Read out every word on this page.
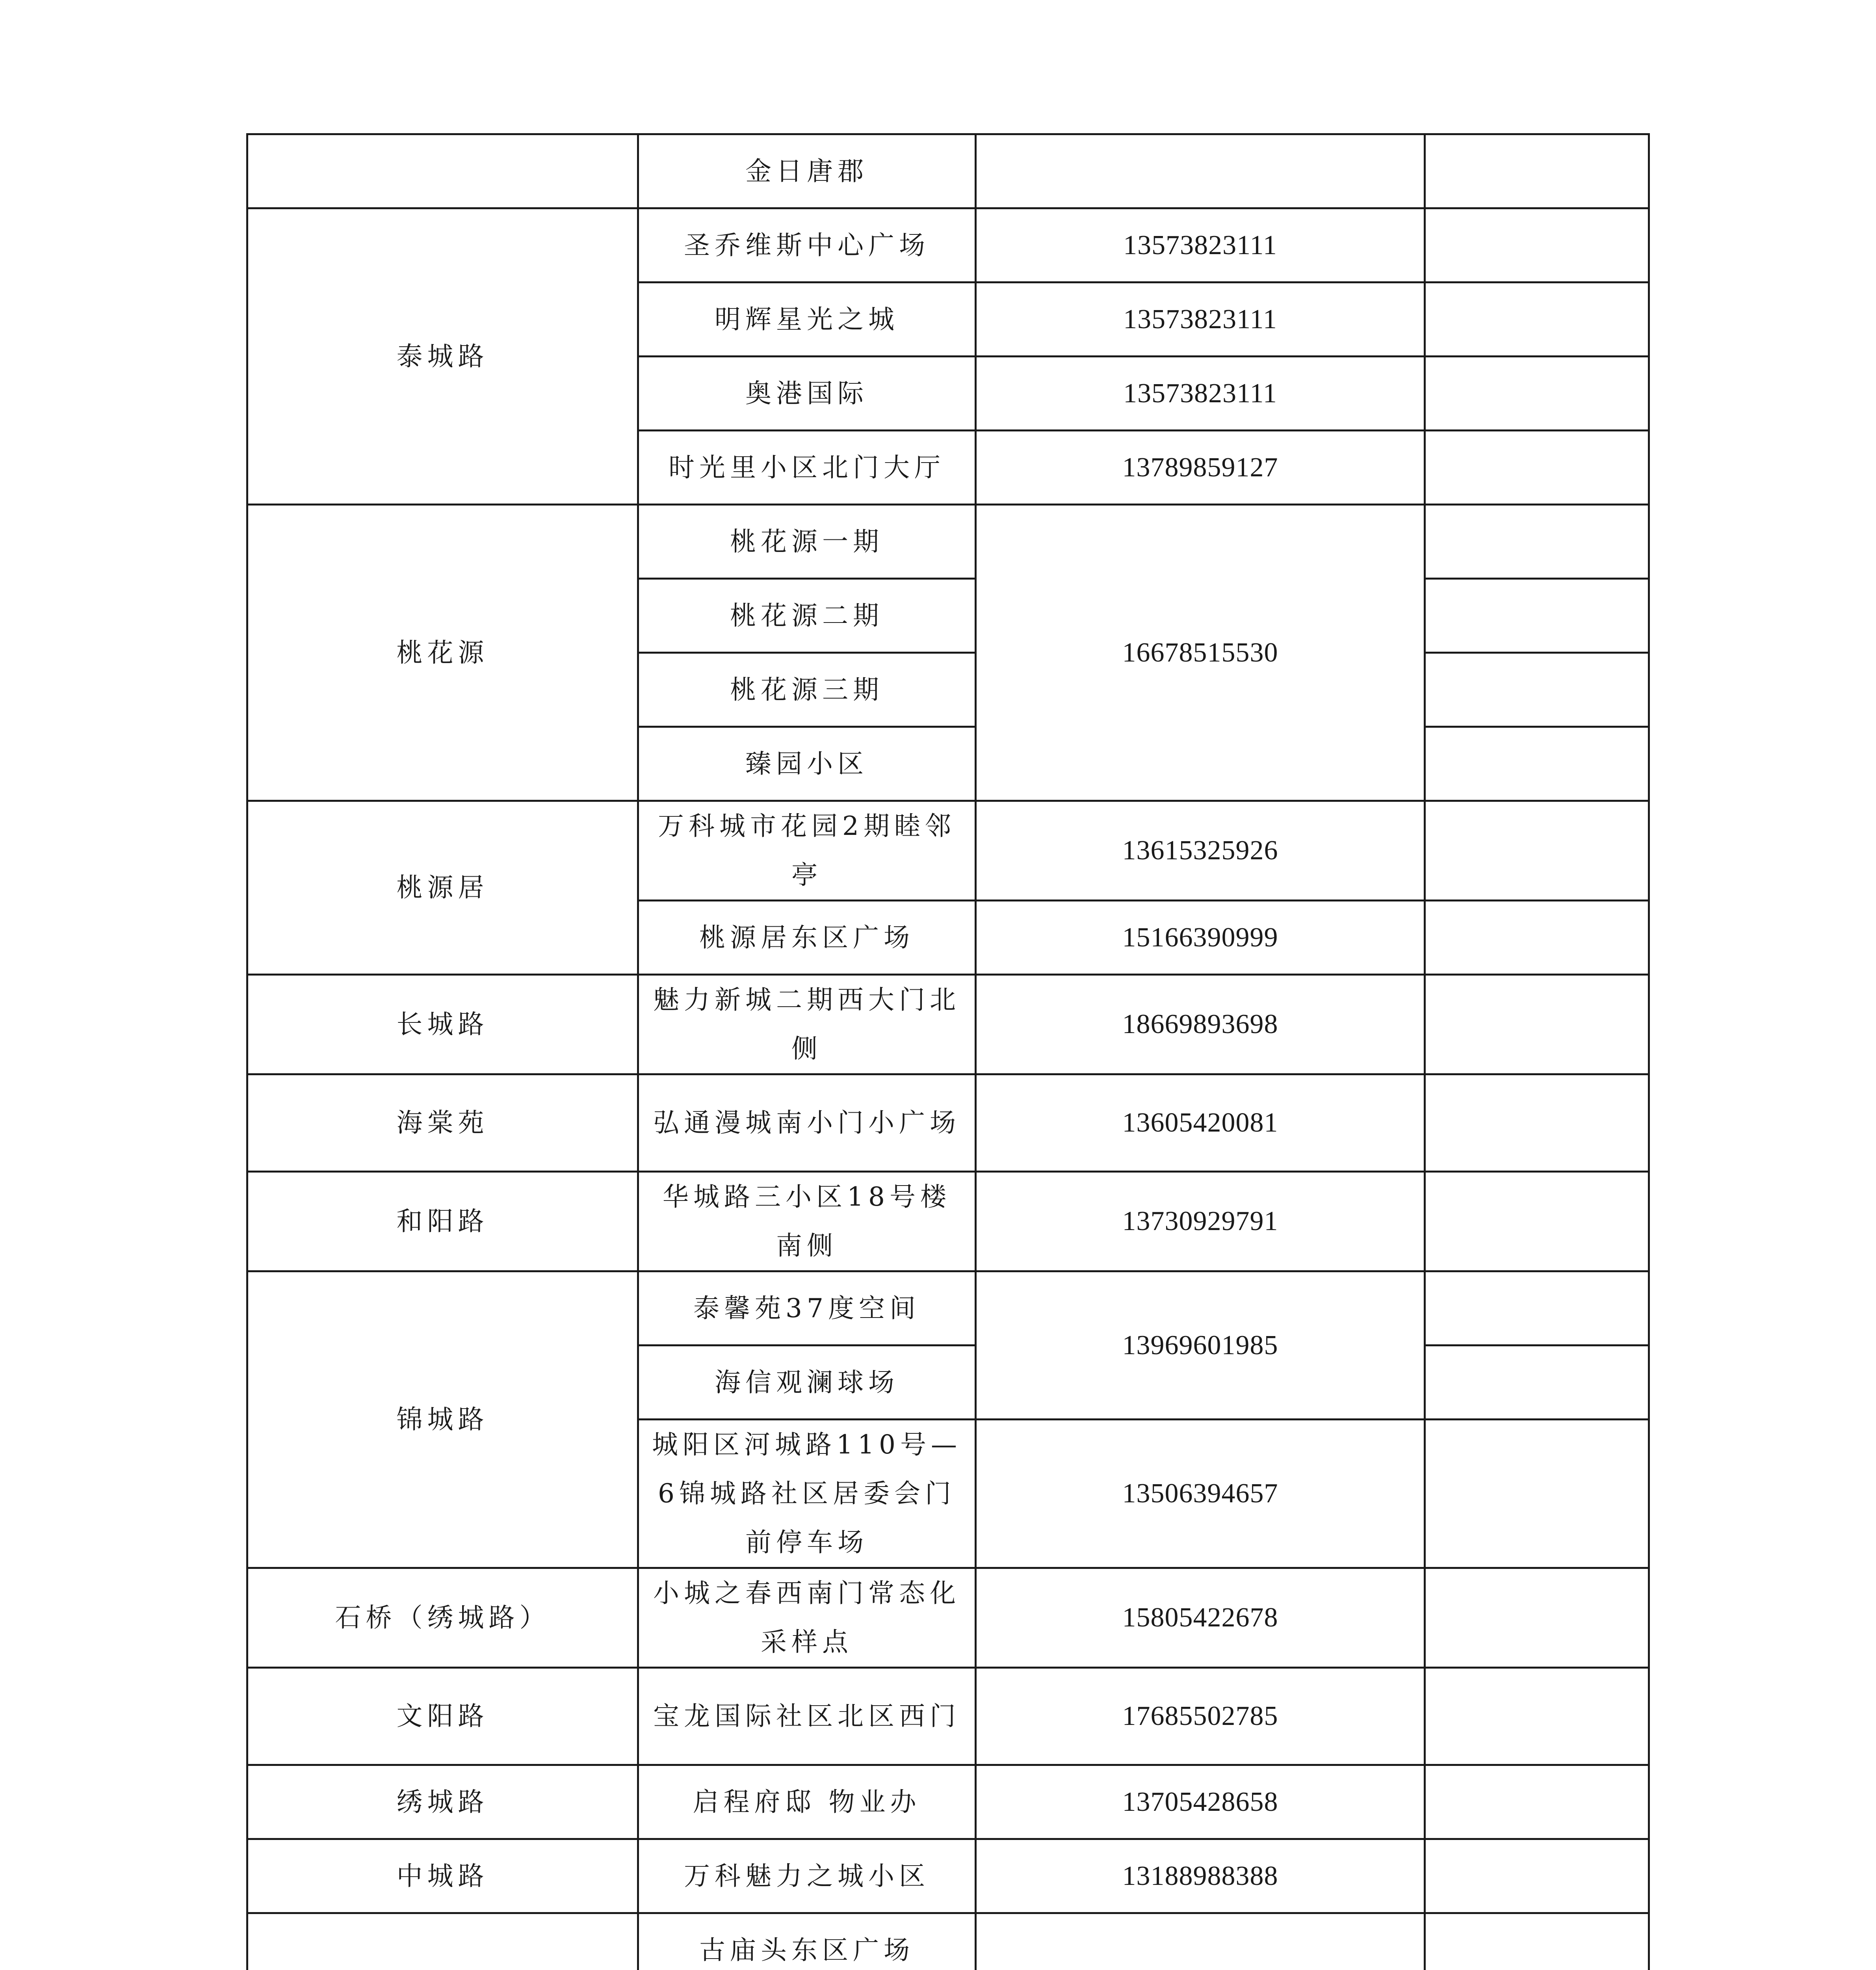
	金日唐郡		
泰城路	圣乔维斯中心广场	13573823111	
	明辉星光之城	13573823111	
	奥港国际	13573823111	
	时光里小区北门大厅	13789859127	
桃花源	桃花源一期	16678515530	
	桃花源二期		
	桃花源三期		
	臻园小区		
桃源居	万科城市花园2期睦邻亭	13615325926	
	桃源居东区广场	15166390999	
长城路	魅力新城二期西大门北侧	18669893698	
海棠苑	弘通漫城南小门小广场	13605420081	
和阳路	华城路三小区18号楼南侧	13730929791	
锦城路	泰馨苑37度空间	13969601985	
	海信观澜球场		
	城阳区河城路110号—6锦城路社区居委会门前停车场	13506394657	
石桥（绣城路）	小城之春西南门常态化采样点	15805422678	
文阳路	宝龙国际社区北区西门	17685502785	
绣城路	启程府邸 物业办	13705428658	
中城路	万科魅力之城小区	13188988388	
	古庙头东区广场		
